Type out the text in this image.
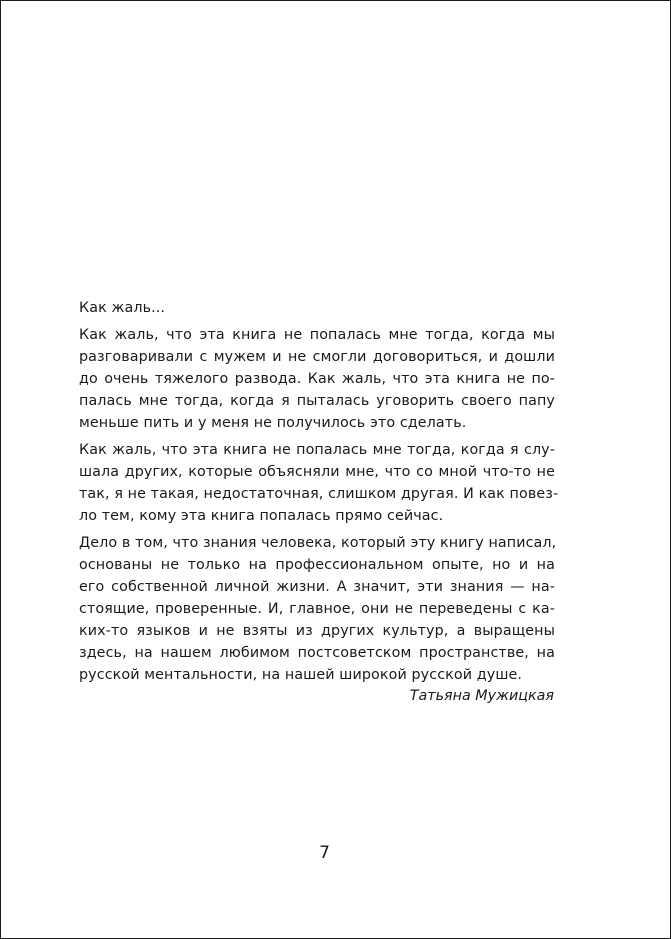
Как жаль...

Как жаль, что эта книга не попалась мне тогда, когда мы
разговаривали с мужем и не смогли договориться, и дошли
до очень тяжелого развода. Как жаль, что эта книга не по-
палась мне тогда, когда я пыталась уговорить своего папу
меньше пить и у меня не получилось это сделать.

Как жаль, что эта книга не попалась мне тогда, когда я слу-
шала других, которые объясняли мне, что со мной что-то не
так, я не такая, недостаточная, слишком другая. И как повез-
ло тем, кому эта книга попалась прямо сейчас.

Дело в том, что знания человека, который эту книгу написал,
основаны не только на профессиональном опыте, но и на
его собственной личной жизни. А значит, эти знания — на-
стоящие, проверенные. И, главное, они не переведены с ка-
ких-то языков и не взяты из других культур, а выращены
здесь, на нашем любимом постсоветском пространстве, на
русской ментальности, на нашей широкой русской душе.

Татьяна Мужицкая
7
